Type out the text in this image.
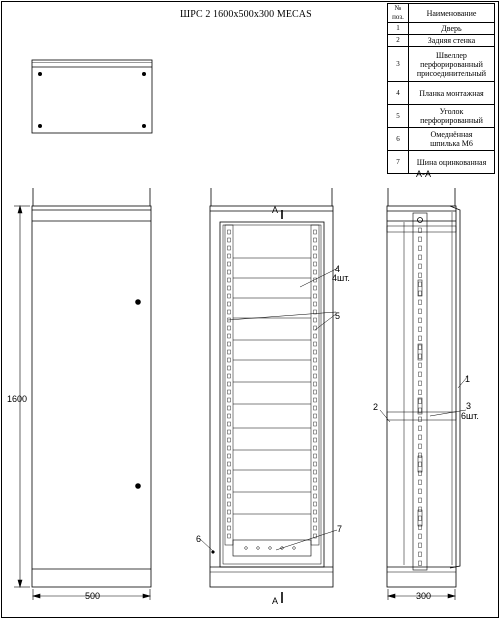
ШРС 2 1600х500х300 MECAS
№ поз.	Наименование
1	Дверь

2	Задняя стенка

3	Швеллер
перфорированный
присоединительный

4	Планка монтажная

5	Уголок
перфорированный

6	Омеднённая
шпилька М6

7	Шина оцинкованная
1600
500
А
А
4
4шт.
5
6
7
А-А
2
1
3
6шт.
300
